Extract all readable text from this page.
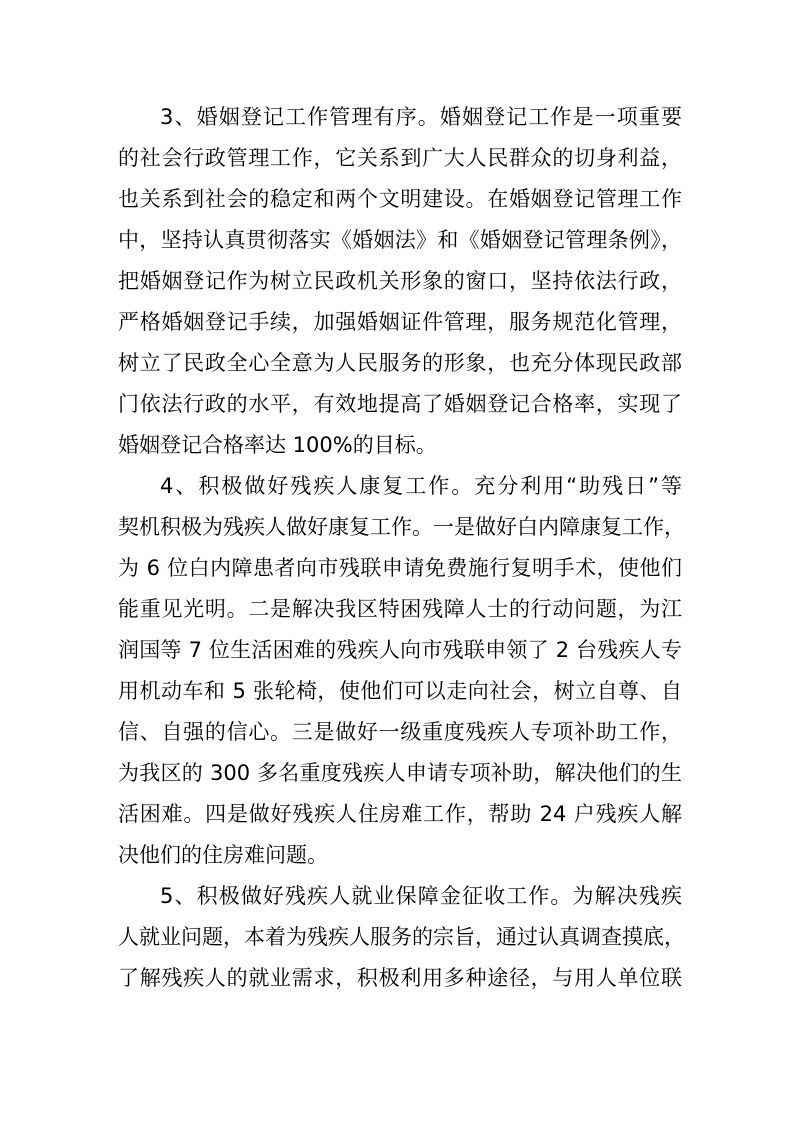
3、婚姻登记工作管理有序。婚姻登记工作是一项重要
的社会行政管理工作，它关系到广大人民群众的切身利益，
也关系到社会的稳定和两个文明建设。在婚姻登记管理工作
中，坚持认真贯彻落实《婚姻法》和《婚姻登记管理条例》，
把婚姻登记作为树立民政机关形象的窗口，坚持依法行政，
严格婚姻登记手续，加强婚姻证件管理，服务规范化管理，
树立了民政全心全意为人民服务的形象，也充分体现民政部
门依法行政的水平，有效地提高了婚姻登记合格率，实现了
婚姻登记合格率达 100%的目标。
4、积极做好残疾人康复工作。充分利用“助残日”等
契机积极为残疾人做好康复工作。一是做好白内障康复工作，
为 6 位白内障患者向市残联申请免费施行复明手术，使他们
能重见光明。二是解决我区特困残障人士的行动问题，为江
润国等 7 位生活困难的残疾人向市残联申领了 2 台残疾人专
用机动车和 5 张轮椅，使他们可以走向社会，树立自尊、自
信、自强的信心。三是做好一级重度残疾人专项补助工作，
为我区的 300 多名重度残疾人申请专项补助，解决他们的生
活困难。四是做好残疾人住房难工作，帮助 24 户残疾人解
决他们的住房难问题。
5、积极做好残疾人就业保障金征收工作。为解决残疾
人就业问题，本着为残疾人服务的宗旨，通过认真调查摸底，
了解残疾人的就业需求，积极利用多种途径，与用人单位联
